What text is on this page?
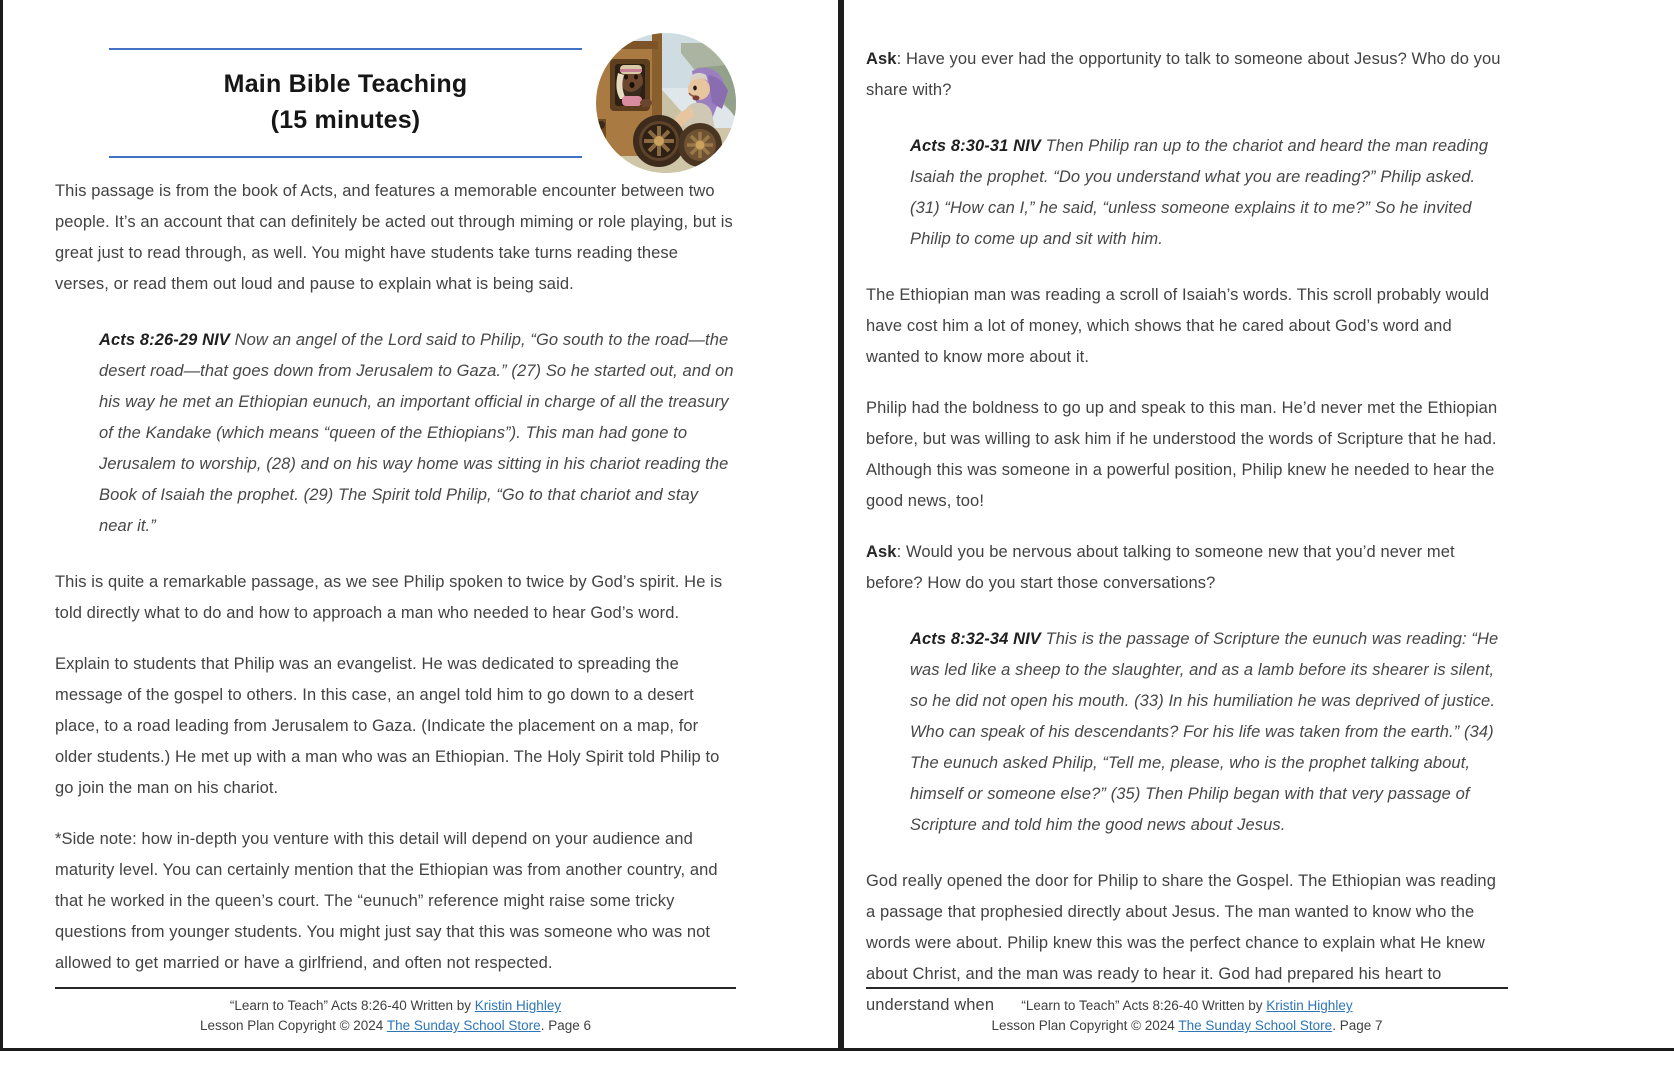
Main Bible Teaching
(15 minutes)

This passage is from the book of Acts, and features a memorable encounter between two people. It’s an account that can definitely be acted out through miming or role playing, but is great just to read through, as well. You might have students take turns reading these verses, or read them out loud and pause to explain what is being said.

Acts 8:26-29 NIV Now an angel of the Lord said to Philip, “Go south to the road—the desert road—that goes down from Jerusalem to Gaza.” (27) So he started out, and on his way he met an Ethiopian eunuch, an important official in charge of all the treasury of the Kandake (which means “queen of the Ethiopians”). This man had gone to Jerusalem to worship, (28) and on his way home was sitting in his chariot reading the Book of Isaiah the prophet. (29) The Spirit told Philip, “Go to that chariot and stay near it.”

This is quite a remarkable passage, as we see Philip spoken to twice by God’s spirit. He is told directly what to do and how to approach a man who needed to hear God’s word.

Explain to students that Philip was an evangelist. He was dedicated to spreading the message of the gospel to others. In this case, an angel told him to go down to a desert place, to a road leading from Jerusalem to Gaza. (Indicate the placement on a map, for older students.) He met up with a man who was an Ethiopian. The Holy Spirit told Philip to go join the man on his chariot.

*Side note: how in-depth you venture with this detail will depend on your audience and maturity level. You can certainly mention that the Ethiopian was from another country, and that he worked in the queen’s court. The “eunuch” reference might raise some tricky questions from younger students. You might just say that this was someone who was not allowed to get married or have a girlfriend, and often not respected.

“Learn to Teach” Acts 8:26-40 Written by Kristin Highley
Lesson Plan Copyright © 2024 The Sunday School Store. Page 6

Ask: Have you ever had the opportunity to talk to someone about Jesus? Who do you share with?

Acts 8:30-31 NIV Then Philip ran up to the chariot and heard the man reading Isaiah the prophet. “Do you understand what you are reading?” Philip asked. (31) “How can I,” he said, “unless someone explains it to me?” So he invited Philip to come up and sit with him.

The Ethiopian man was reading a scroll of Isaiah’s words. This scroll probably would have cost him a lot of money, which shows that he cared about God’s word and wanted to know more about it.

Philip had the boldness to go up and speak to this man. He’d never met the Ethiopian before, but was willing to ask him if he understood the words of Scripture that he had. Although this was someone in a powerful position, Philip knew he needed to hear the good news, too!

Ask: Would you be nervous about talking to someone new that you’d never met before? How do you start those conversations?

Acts 8:32-34 NIV This is the passage of Scripture the eunuch was reading: “He was led like a sheep to the slaughter, and as a lamb before its shearer is silent, so he did not open his mouth. (33) In his humiliation he was deprived of justice. Who can speak of his descendants? For his life was taken from the earth.” (34) The eunuch asked Philip, “Tell me, please, who is the prophet talking about, himself or someone else?” (35) Then Philip began with that very passage of Scripture and told him the good news about Jesus.

God really opened the door for Philip to share the Gospel. The Ethiopian was reading a passage that prophesied directly about Jesus. The man wanted to know who the words were about. Philip knew this was the perfect chance to explain what He knew about Christ, and the man was ready to hear it. God had prepared his heart to understand when	“Learn to Teach” Acts 8:26-40 Written by Kristin Highley
Lesson Plan Copyright © 2024 The Sunday School Store. Page 7
